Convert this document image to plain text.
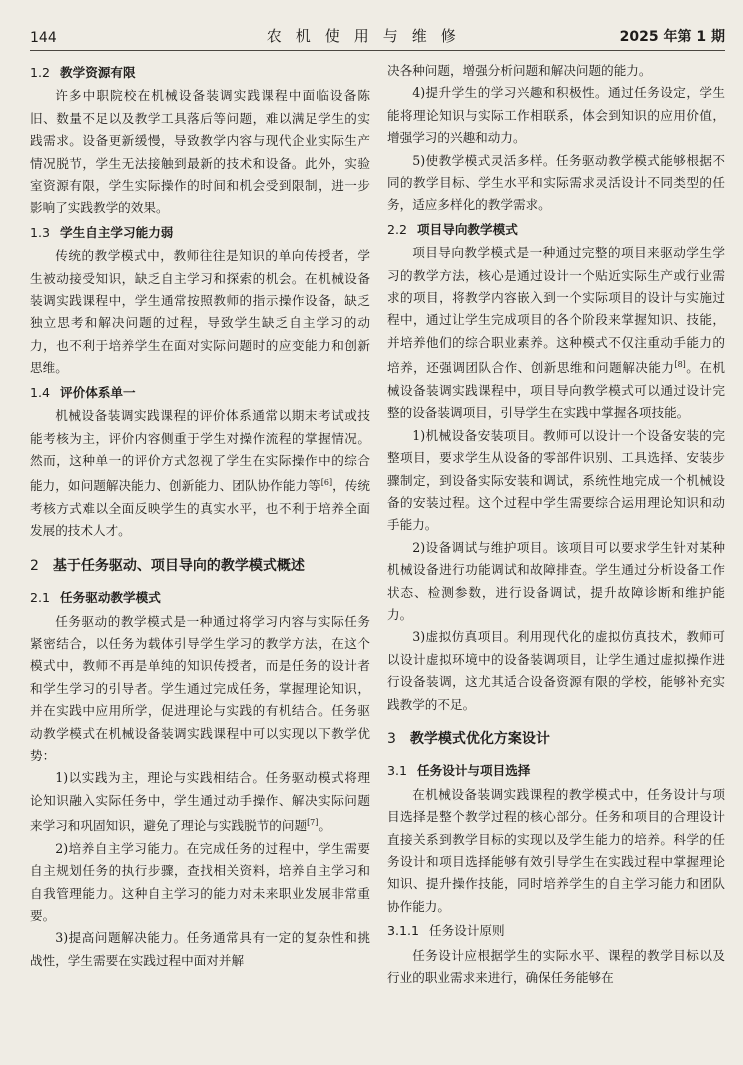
144	农机使用与维修	2025 年第 1 期
1.2 教学资源有限

许多中职院校在机械设备装调实践课程中面临设备陈旧、数量不足以及教学工具落后等问题，难以满足学生的实践需求。设备更新缓慢，导致教学内容与现代企业实际生产情况脱节，学生无法接触到最新的技术和设备。此外，实验室资源有限，学生实际操作的时间和机会受到限制，进一步影响了实践教学的效果。

1.3 学生自主学习能力弱

传统的教学模式中，教师往往是知识的单向传授者，学生被动接受知识，缺乏自主学习和探索的机会。在机械设备装调实践课程中，学生通常按照教师的指示操作设备，缺乏独立思考和解决问题的过程，导致学生缺乏自主学习的动力，也不利于培养学生在面对实际问题时的应变能力和创新思维。

1.4 评价体系单一

机械设备装调实践课程的评价体系通常以期末考试或技能考核为主，评价内容侧重于学生对操作流程的掌握情况。然而，这种单一的评价方式忽视了学生在实际操作中的综合能力，如问题解决能力、创新能力、团队协作能力等[6]，传统考核方式难以全面反映学生的真实水平，也不利于培养全面发展的技术人才。

2 基于任务驱动、项目导向的教学模式概述
2.1 任务驱动教学模式

任务驱动的教学模式是一种通过将学习内容与实际任务紧密结合，以任务为载体引导学生学习的教学方法，在这个模式中，教师不再是单纯的知识传授者，而是任务的设计者和学生学习的引导者。学生通过完成任务，掌握理论知识，并在实践中应用所学，促进理论与实践的有机结合。任务驱动教学模式在机械设备装调实践课程中可以实现以下教学优势：

1)以实践为主，理论与实践相结合。任务驱动模式将理论知识融入实际任务中，学生通过动手操作、解决实际问题来学习和巩固知识，避免了理论与实践脱节的问题[7]。

2)培养自主学习能力。在完成任务的过程中，学生需要自主规划任务的执行步骤，查找相关资料，培养自主学习和自我管理能力。这种自主学习的能力对未来职业发展非常重要。

3)提高问题解决能力。任务通常具有一定的复杂性和挑战性，学生需要在实践过程中面对并解

决各种问题，增强分析问题和解决问题的能力。

4)提升学生的学习兴趣和积极性。通过任务设定，学生能将理论知识与实际工作相联系，体会到知识的应用价值，增强学习的兴趣和动力。

5)使教学模式灵活多样。任务驱动教学模式能够根据不同的教学目标、学生水平和实际需求灵活设计不同类型的任务，适应多样化的教学需求。

2.2 项目导向教学模式

项目导向教学模式是一种通过完整的项目来驱动学生学习的教学方法，核心是通过设计一个贴近实际生产或行业需求的项目，将教学内容嵌入到一个实际项目的设计与实施过程中，通过让学生完成项目的各个阶段来掌握知识、技能，并培养他们的综合职业素养。这种模式不仅注重动手能力的培养，还强调团队合作、创新思维和问题解决能力[8]。在机械设备装调实践课程中，项目导向教学模式可以通过设计完整的设备装调项目，引导学生在实践中掌握各项技能。

1)机械设备安装项目。教师可以设计一个设备安装的完整项目，要求学生从设备的零部件识别、工具选择、安装步骤制定，到设备实际安装和调试，系统性地完成一个机械设备的安装过程。这个过程中学生需要综合运用理论知识和动手能力。

2)设备调试与维护项目。该项目可以要求学生针对某种机械设备进行功能调试和故障排查。学生通过分析设备工作状态、检测参数，进行设备调试，提升故障诊断和维护能力。

3)虚拟仿真项目。利用现代化的虚拟仿真技术，教师可以设计虚拟环境中的设备装调项目，让学生通过虚拟操作进行设备装调，这尤其适合设备资源有限的学校，能够补充实践教学的不足。

3 教学模式优化方案设计
3.1 任务设计与项目选择

在机械设备装调实践课程的教学模式中，任务设计与项目选择是整个教学过程的核心部分。任务和项目的合理设计直接关系到教学目标的实现以及学生能力的培养。科学的任务设计和项目选择能够有效引导学生在实践过程中掌握理论知识、提升操作技能，同时培养学生的自主学习能力和团队协作能力。

3.1.1 任务设计原则

任务设计应根据学生的实际水平、课程的教学目标以及行业的职业需求来进行，确保任务能够在
